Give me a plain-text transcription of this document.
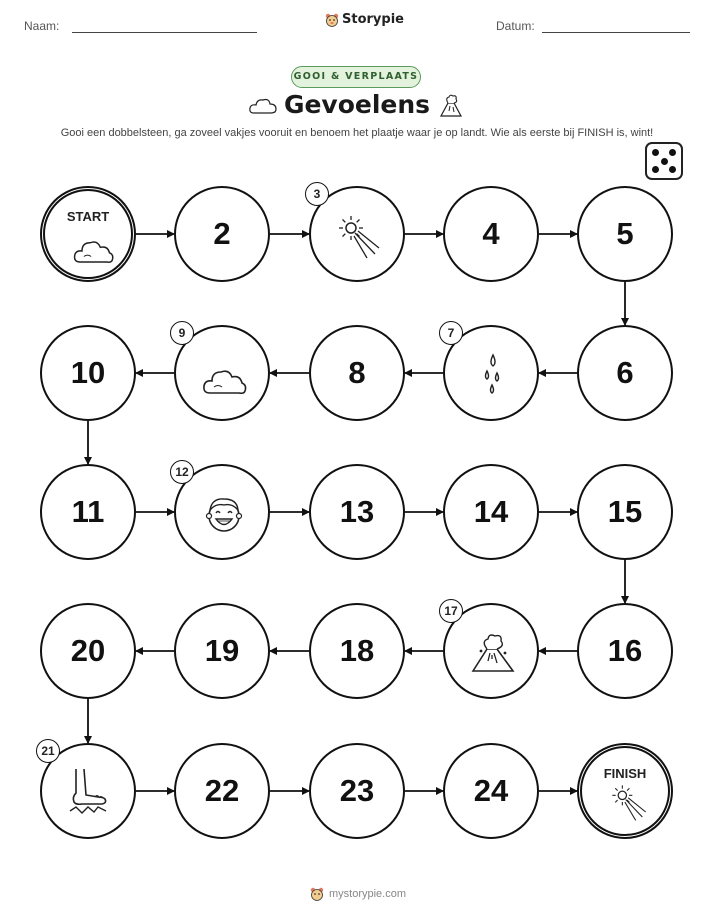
Naam:	Storypie	Datum:
GOOI & VERPLAATS
Gevoelens
Gooi een dobbelsteen, ga zoveel vakjes vooruit en benoem het plaatje waar je op landt. Wie als eerste bij FINISH is, wint!
START	2
3
4	5
6
7
8
9
10
11
12
13	14	15
16
17
18
19
20
21
22	23	24	FINISH
mystorypie.com
